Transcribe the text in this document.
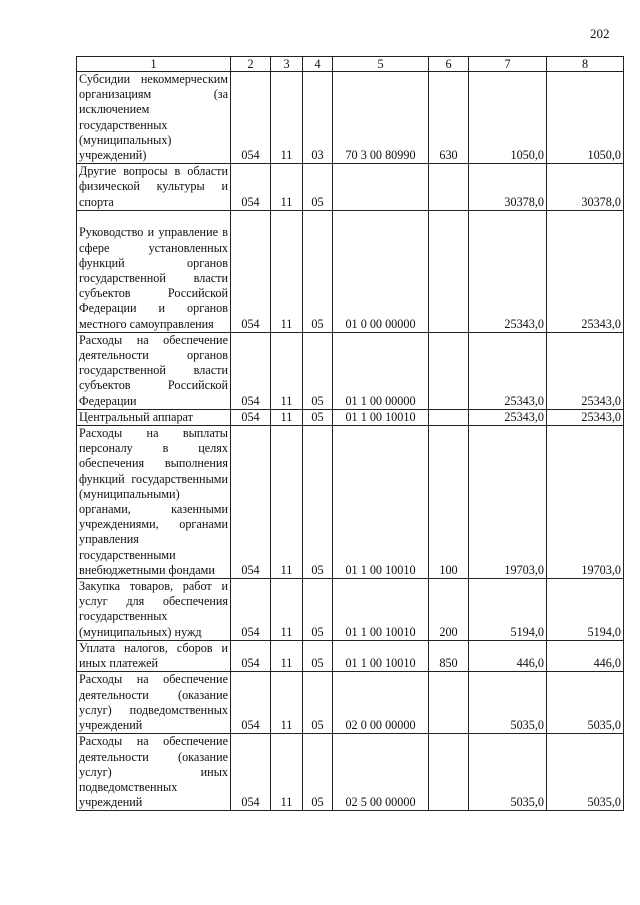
202
1	2	3	4	5	6	7	8

Субсидии некоммерческим организациям (за исключением государственных (муниципальных) учреждений)	054	11	03	70 3 00 80990	630	1050,0	1050,0

Другие вопросы в области физической культуры и спорта	054	11	05			30378,0	30378,0

Руководство и управление в сфере установленных функций органов государственной власти субъектов Российской Федерации и органов местного самоуправления	054	11	05	01 0 00 00000		25343,0	25343,0

Расходы на обеспечение деятельности органов государственной власти субъектов Российской Федерации	054	11	05	01 1 00 00000		25343,0	25343,0

Центральный аппарат	054	11	05	01 1 00 10010		25343,0	25343,0

Расходы на выплаты персоналу в целях обеспечения выполнения функций государственными (муниципальными) органами, казенными учреждениями, органами управления государственными внебюджетными фондами	054	11	05	01 1 00 10010	100	19703,0	19703,0

Закупка товаров, работ и услуг для обеспечения государственных (муниципальных) нужд	054	11	05	01 1 00 10010	200	5194,0	5194,0

Уплата налогов, сборов и иных платежей	054	11	05	01 1 00 10010	850	446,0	446,0

Расходы на обеспечение деятельности (оказание услуг) подведомственных учреждений	054	11	05	02 0 00 00000		5035,0	5035,0

Расходы на обеспечение деятельности (оказание услуг) иных подведомственных учреждений	054	11	05	02 5 00 00000		5035,0	5035,0
